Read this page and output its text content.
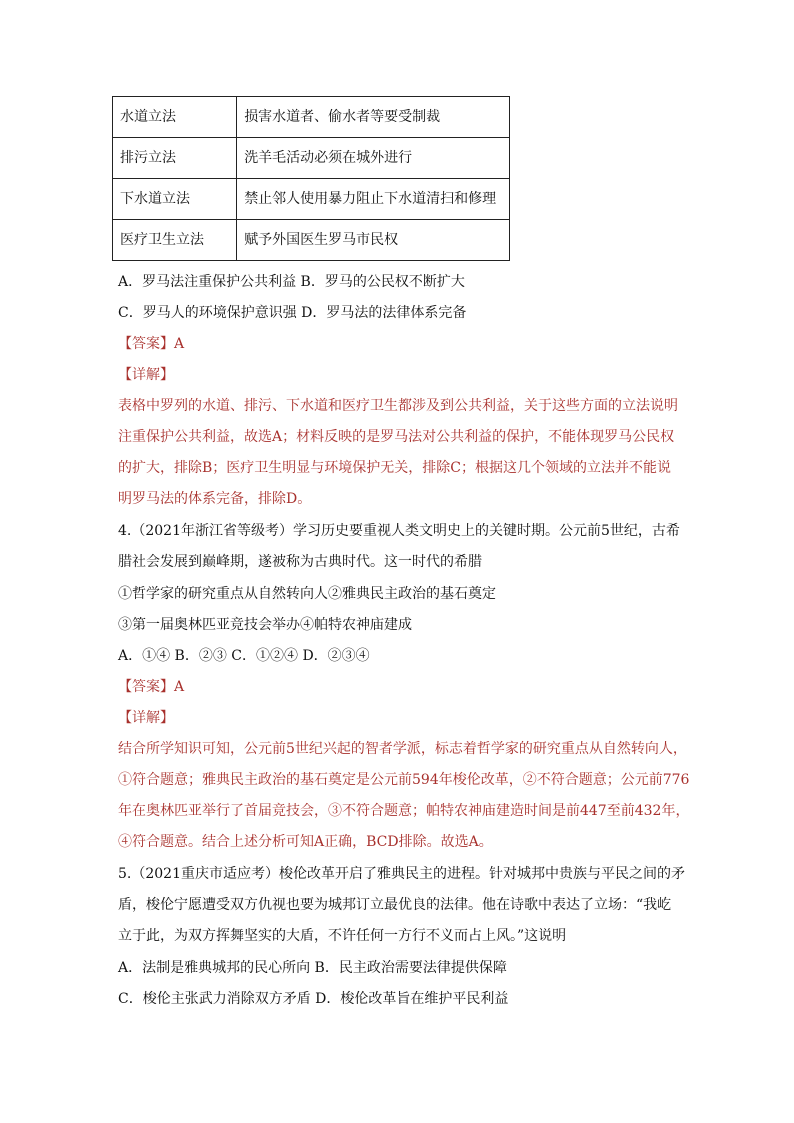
水道立法	损害水道者、偷水者等要受制裁
排污立法	洗羊毛活动必须在城外进行
下水道立法	禁止邻人使用暴力阻止下水道清扫和修理
医疗卫生立法	赋予外国医生罗马市民权
A．罗马法注重保护公共利益 B．罗马的公民权不断扩大
C．罗马人的环境保护意识强 D．罗马法的法律体系完备
【答案】A
【详解】
表格中罗列的水道、排污、下水道和医疗卫生都涉及到公共利益，关于这些方面的立法说明
注重保护公共利益，故选A；材料反映的是罗马法对公共利益的保护，不能体现罗马公民权
的扩大，排除B；医疗卫生明显与环境保护无关，排除C；根据这几个领域的立法并不能说
明罗马法的体系完备，排除D。
4.（2021年浙江省等级考）学习历史要重视人类文明史上的关键时期。公元前5世纪，古希
腊社会发展到巅峰期，遂被称为古典时代。这一时代的希腊
①哲学家的研究重点从自然转向人②雅典民主政治的基石奠定
③第一届奥林匹亚竞技会举办④帕特农神庙建成
A．①④ B．②③ C．①②④ D．②③④
【答案】A
【详解】
结合所学知识可知，公元前5世纪兴起的智者学派，标志着哲学家的研究重点从自然转向人，
①符合题意；雅典民主政治的基石奠定是公元前594年梭伦改革，②不符合题意；公元前776
年在奥林匹亚举行了首届竞技会，③不符合题意；帕特农神庙建造时间是前447至前432年，
④符合题意。结合上述分析可知A正确，BCD排除。故选A。
5.（2021重庆市适应考）梭伦改革开启了雅典民主的进程。针对城邦中贵族与平民之间的矛
盾，梭伦宁愿遭受双方仇视也要为城邦订立最优良的法律。他在诗歌中表达了立场：“我屹
立于此，为双方挥舞坚实的大盾，不许任何一方行不义而占上风。”这说明
A．法制是雅典城邦的民心所向 B．民主政治需要法律提供保障
C．梭伦主张武力消除双方矛盾 D．梭伦改革旨在维护平民利益
